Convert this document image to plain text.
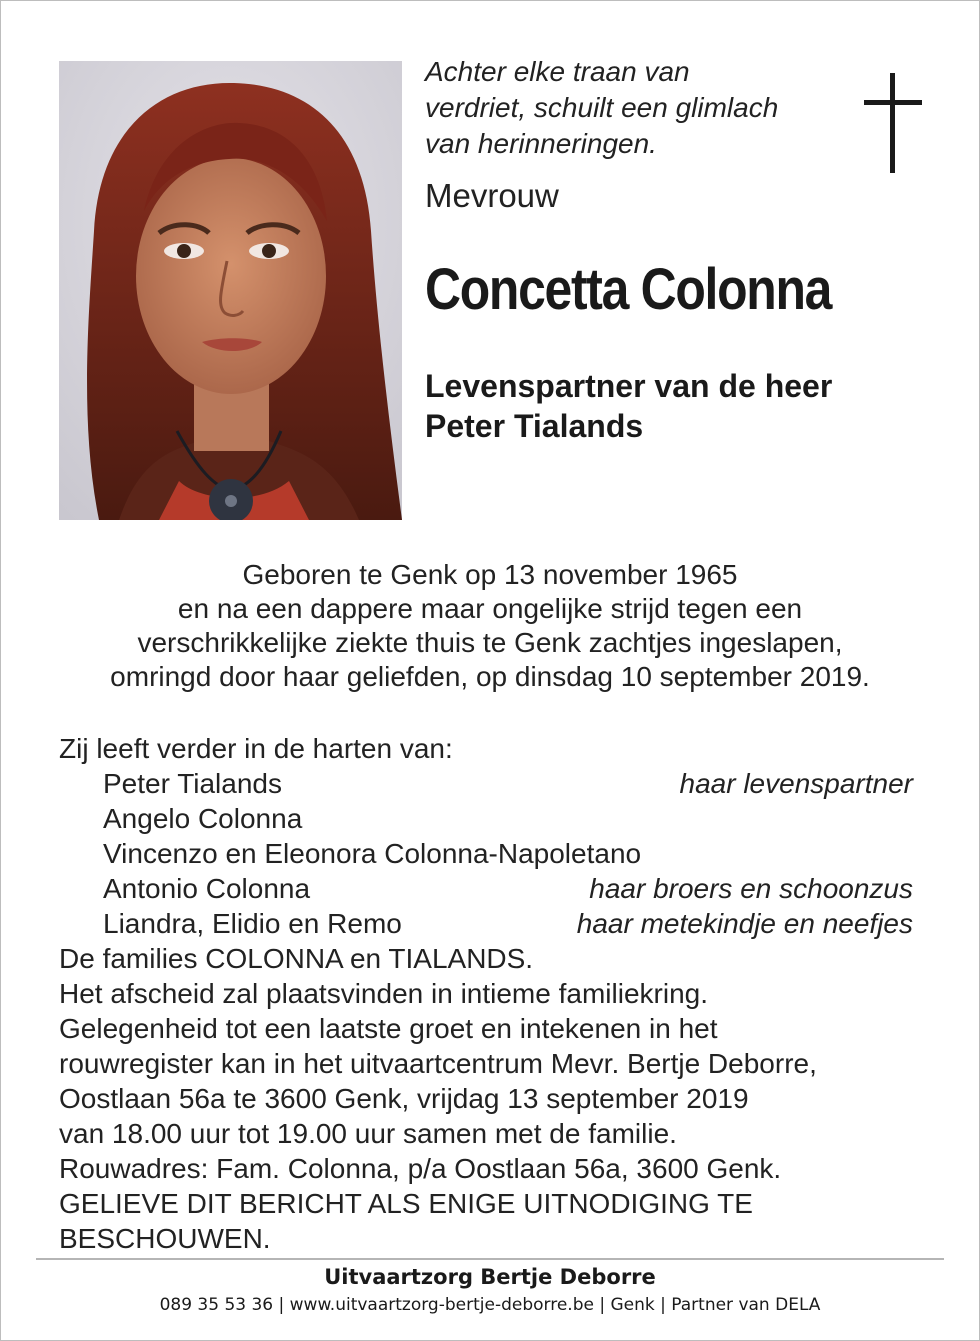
Achter elke traan van
verdriet, schuilt een glimlach
van herinneringen.
Mevrouw
Concetta Colonna
Levenspartner van de heer
Peter Tialands
Geboren te Genk op 13 november 1965
en na een dappere maar ongelijke strijd tegen een
verschrikkelijke ziekte thuis te Genk zachtjes ingeslapen,
omringd door haar geliefden, op dinsdag 10 september 2019.
Zij leeft verder in de harten van:
Peter Tialands	haar levenspartner
Angelo Colonna
Vincenzo en Eleonora Colonna-Napoletano
Antonio Colonna	haar broers en schoonzus
Liandra, Elidio en Remo	haar metekindje en neefjes
De families COLONNA en TIALANDS.
Het afscheid zal plaatsvinden in intieme familiekring.
Gelegenheid tot een laatste groet en intekenen in het
rouwregister kan in het uitvaartcentrum Mevr. Bertje Deborre,
Oostlaan 56a te 3600 Genk, vrijdag 13 september 2019
van 18.00 uur tot 19.00 uur samen met de familie.
Rouwadres: Fam. Colonna, p/a Oostlaan 56a, 3600 Genk.
GELIEVE DIT BERICHT ALS ENIGE UITNODIGING TE
BESCHOUWEN.
Uitvaartzorg Bertje Deborre
089 35 53 36 | www.uitvaartzorg-bertje-deborre.be | Genk | Partner van DELA
